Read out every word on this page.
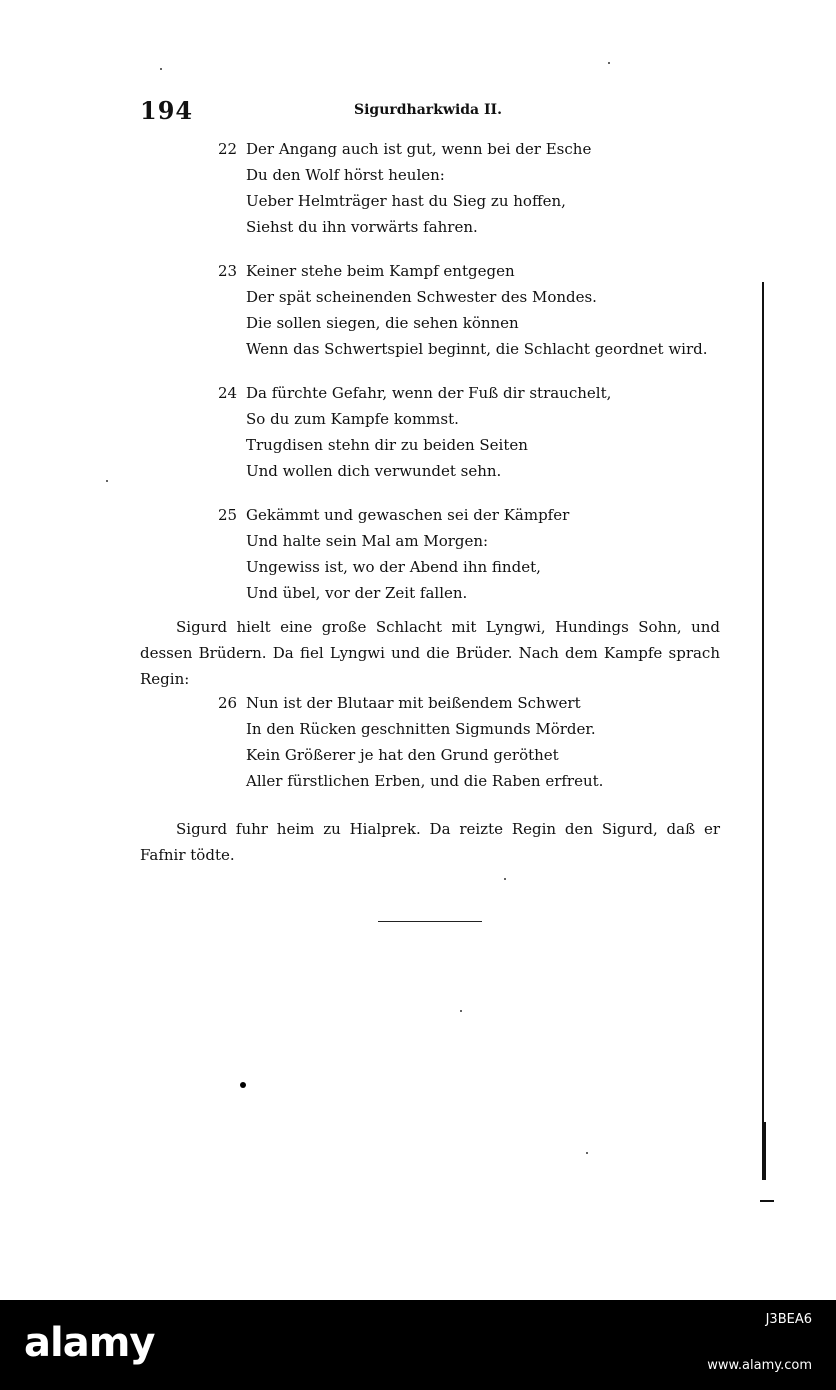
194	Sigurdharkwida II.
22 Der Angang auch ist gut, wenn bei der Esche
Du den Wolf hörst heulen:
Ueber Helmträger hast du Sieg zu hoffen,
Siehst du ihn vorwärts fahren.
23 Keiner stehe beim Kampf entgegen
Der spät scheinenden Schwester des Mondes.
Die sollen siegen, die sehen können
Wenn das Schwertspiel beginnt, die Schlacht geordnet wird.
24 Da fürchte Gefahr, wenn der Fuß dir strauchelt,
So du zum Kampfe kommst.
Trugdisen stehn dir zu beiden Seiten
Und wollen dich verwundet sehn.
25 Gekämmt und gewaschen sei der Kämpfer
Und halte sein Mal am Morgen:
Ungewiss ist, wo der Abend ihn findet,
Und übel, vor der Zeit fallen.

Sigurd hielt eine große Schlacht mit Lyngwi, Hundings Sohn, und dessen Brüdern. Da fiel Lyngwi und die Brüder. Nach dem Kampfe sprach Regin:

26 Nun ist der Blutaar mit beißendem Schwert
In den Rücken geschnitten Sigmunds Mörder.
Kein Größerer je hat den Grund geröthet
Aller fürstlichen Erben, und die Raben erfreut.

Sigurd fuhr heim zu Hialprek. Da reizte Regin den Sigurd, daß er Fafnir tödte.

alamy
J3BEA6
www.alamy.com
